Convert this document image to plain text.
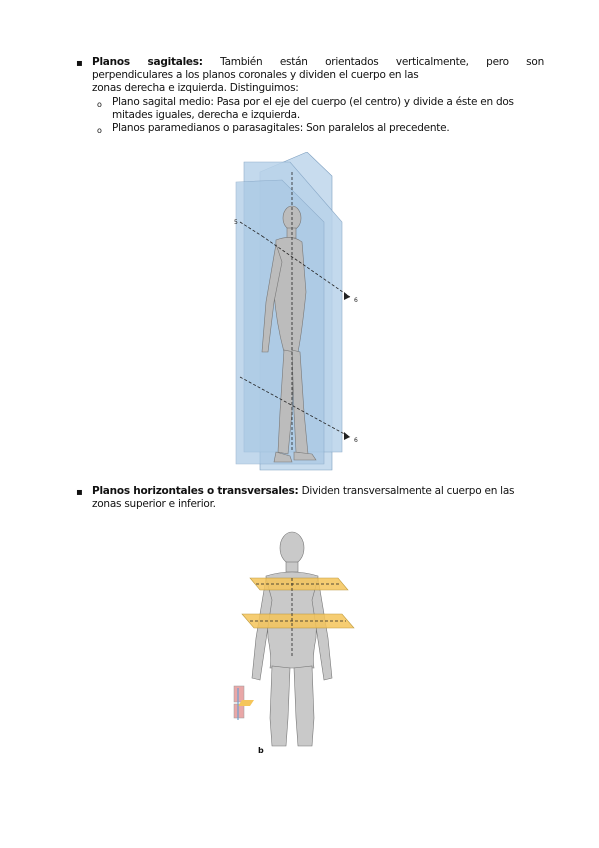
▪ Planos sagitales: También están orientados verticalmente, pero son
perpendiculares a los planos coronales y dividen el cuerpo en las
zonas derecha e izquierda. Distinguimos:
o Plano sagital medio: Pasa por el eje del cuerpo (el centro) y divide a éste en dos
mitades iguales, derecha e izquierda.
o Planos paramedianos o parasagitales: Son paralelos al precedente.
5
6
6
▪ Planos horizontales o transversales: Dividen transversalmente al cuerpo en las
zonas superior e inferior.
b
